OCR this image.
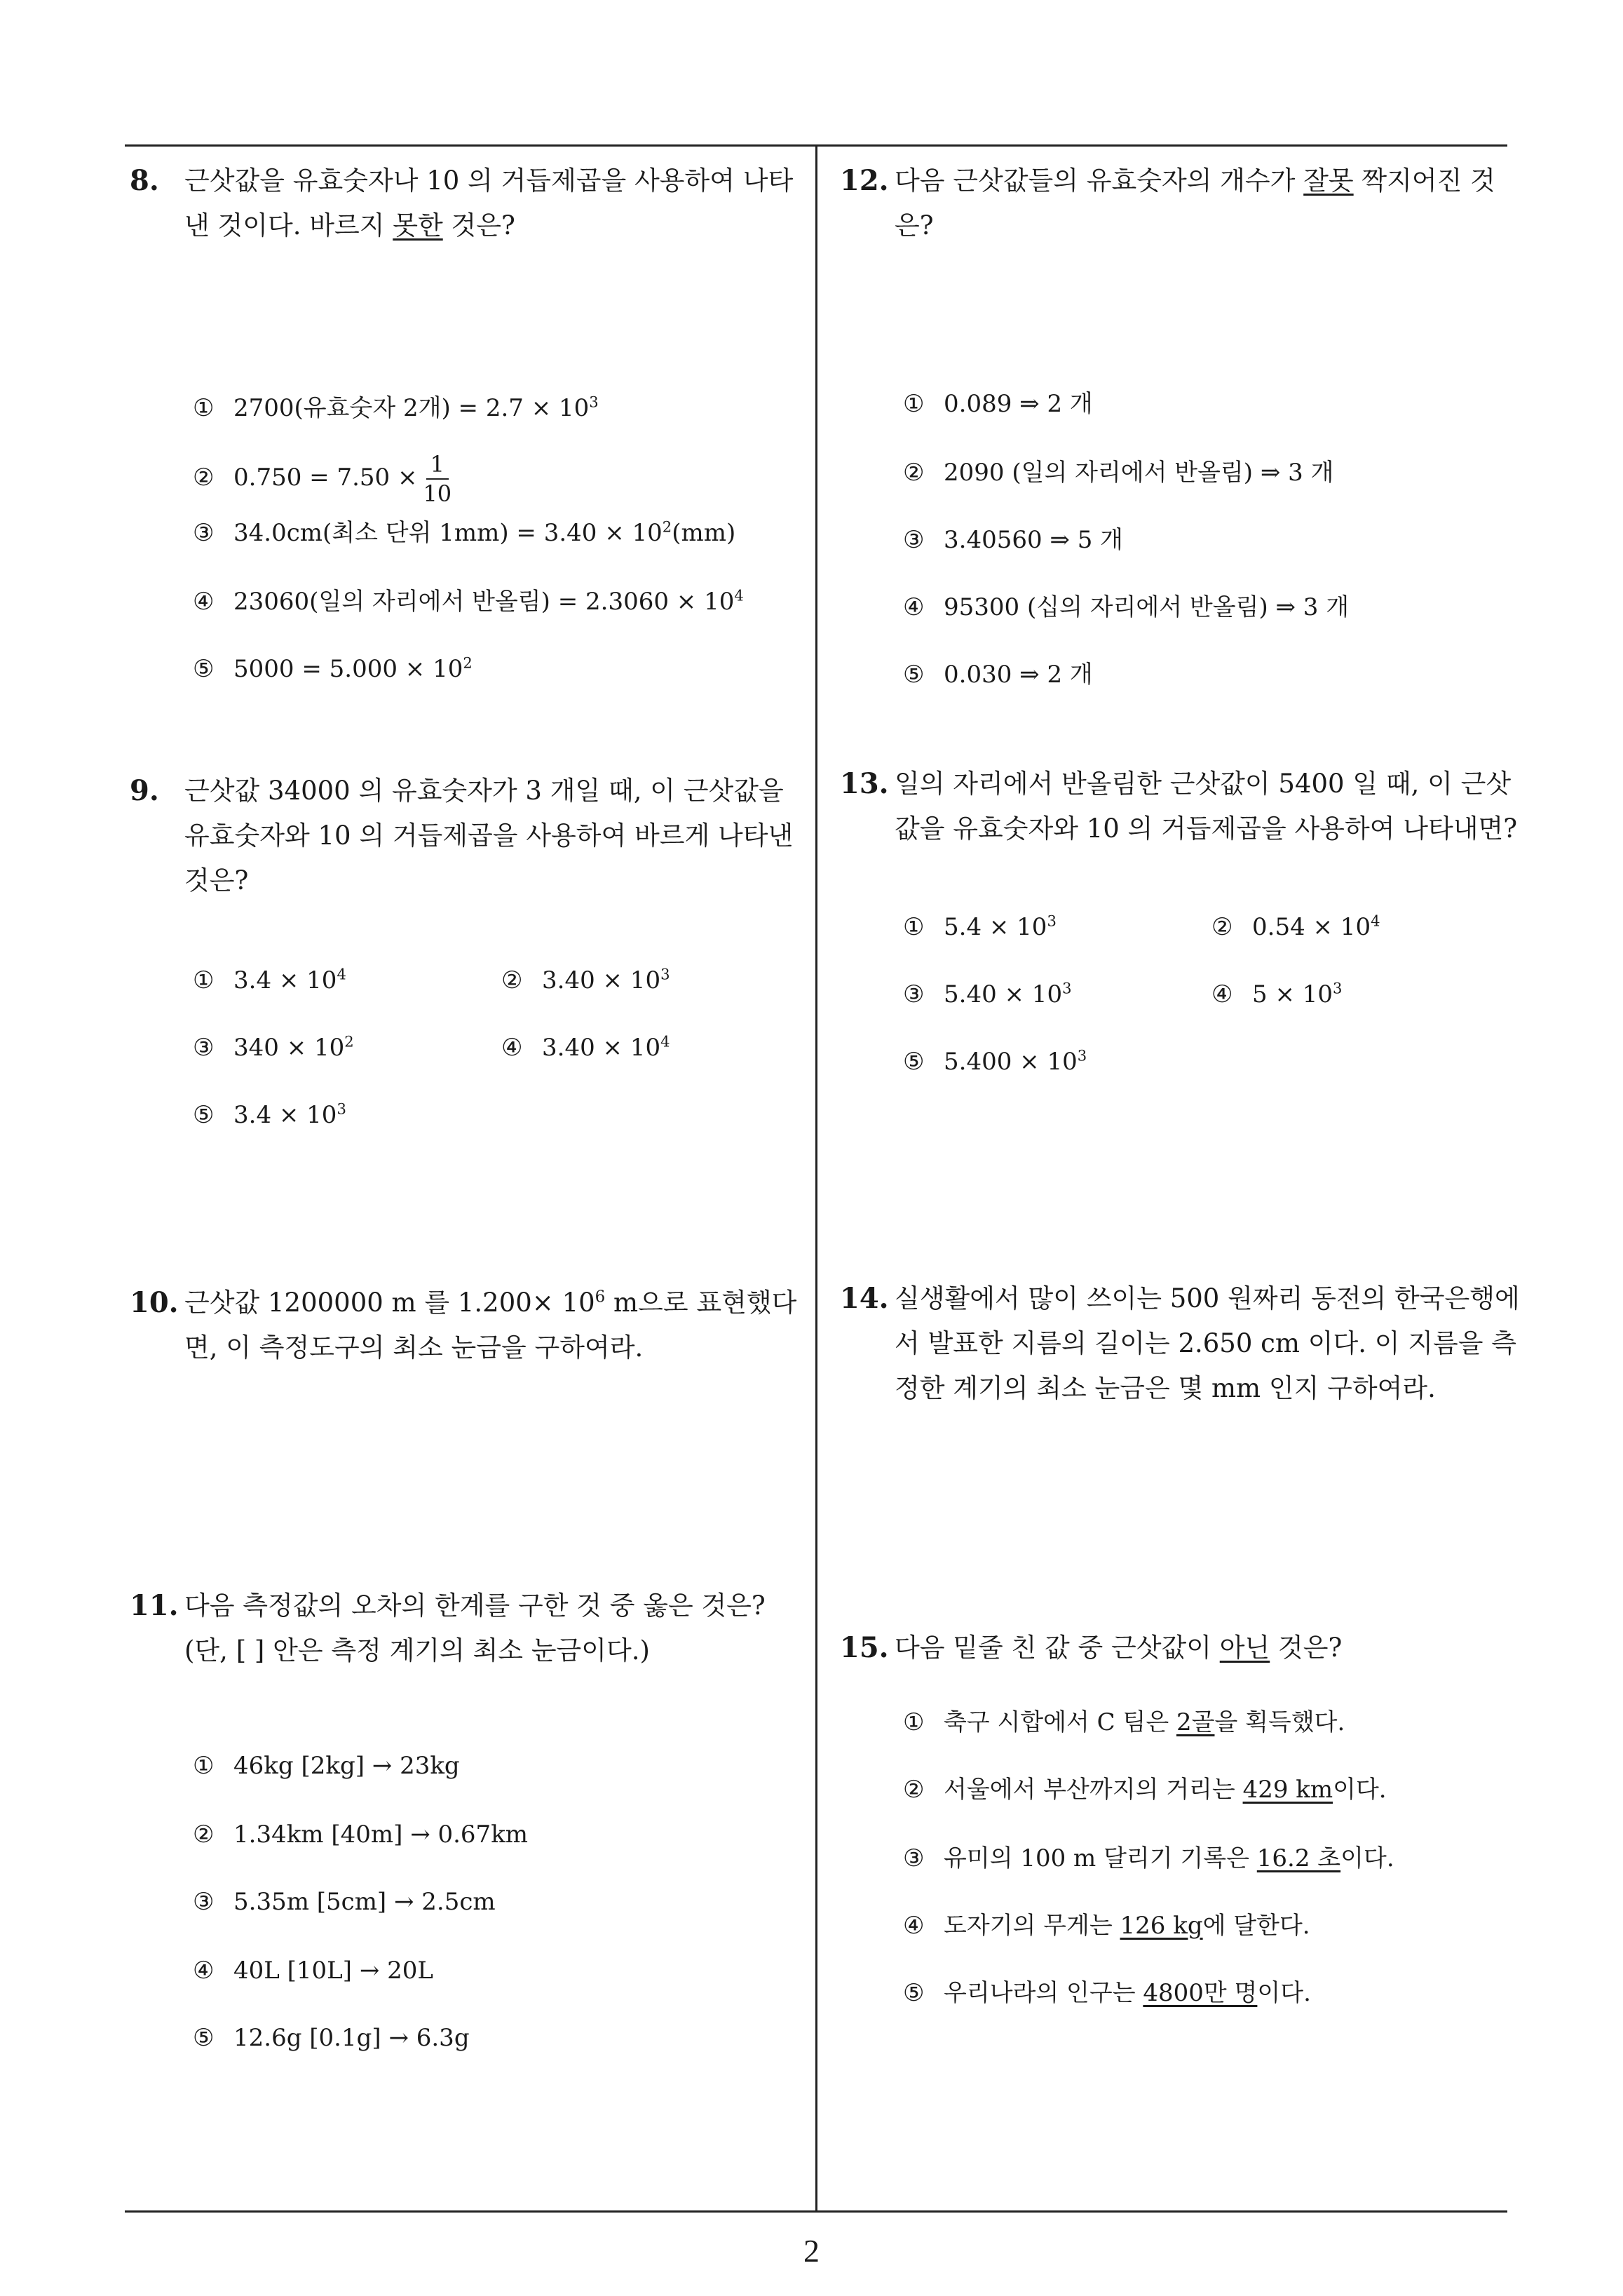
8. 근삿값을 유효숫자나 10 의 거듭제곱을 사용하여 나타낸 것이다. 바르지 못한 것은?
① 2700(유효숫자 2개) = $2.7 \times 10^3$
② $0.750 = 7.50 \times \frac{1}{10}$
③ 34.0cm(최소 단위 $1mm) = 3.40 \times 10^2(mm)$
④ 23060(일의 자리에서 반올림) = $2.3060 \times 10^4$
⑤ $5000 = 5.000 \times 10^2$
9. 근삿값 34000 의 유효숫자가 3 개일 때, 이 근삿값을 유효숫자와 10 의 거듭제곱을 사용하여 바르게 나타낸 것은?
① $3.4 \times 10^4$	② $3.40 \times 10^3$
③ $340 \times 10^2$	④ $3.40 \times 10^4$
⑤ $3.4 \times 10^3$
10. 근삿값 1200000 m 를 $1.200\times 10^6$ m으로 표현했다면, 이 측정도구의 최소 눈금을 구하여라.
11. 다음 측정값의 오차의 한계를 구한 것 중 옳은 것은? (단, [ ] 안은 측정 계기의 최소 눈금이다.)
① 46kg [2kg] → 23kg
② 1.34km [40m] → 0.67km
③ 5.35m [5cm] → 2.5cm
④ 40L [10L] → 20L
⑤ 12.6g [0.1g] → 6.3g
12. 다음 근삿값들의 유효숫자의 개수가 잘못 짝지어진 것은?
① 0.089 ⇒ 2 개
② 2090 (일의 자리에서 반올림) ⇒ 3 개
③ 3.40560 ⇒ 5 개
④ 95300 (십의 자리에서 반올림) ⇒ 3 개
⑤ 0.030 ⇒ 2 개
13. 일의 자리에서 반올림한 근삿값이 5400 일 때, 이 근삿값을 유효숫자와 10 의 거듭제곱을 사용하여 나타내면?
① $5.4 \times 10^3$	② $0.54 \times 10^4$
③ $5.40 \times 10^3$	④ $5 \times 10^3$
⑤ $5.400 \times 10^3$
14. 실생활에서 많이 쓰이는 500 원짜리 동전의 한국은행에서 발표한 지름의 길이는 2.650 cm 이다. 이 지름을 측정한 계기의 최소 눈금은 몇 mm 인지 구하여라.
15. 다음 밑줄 친 값 중 근삿값이 아닌 것은?
① 축구 시합에서 C 팀은 2골을 획득했다.
② 서울에서 부산까지의 거리는 429 km이다.
③ 유미의 100 m 달리기 기록은 16.2 초이다.
④ 도자기의 무게는 126 kg에 달한다.
⑤ 우리나라의 인구는 4800만 명이다.
2
